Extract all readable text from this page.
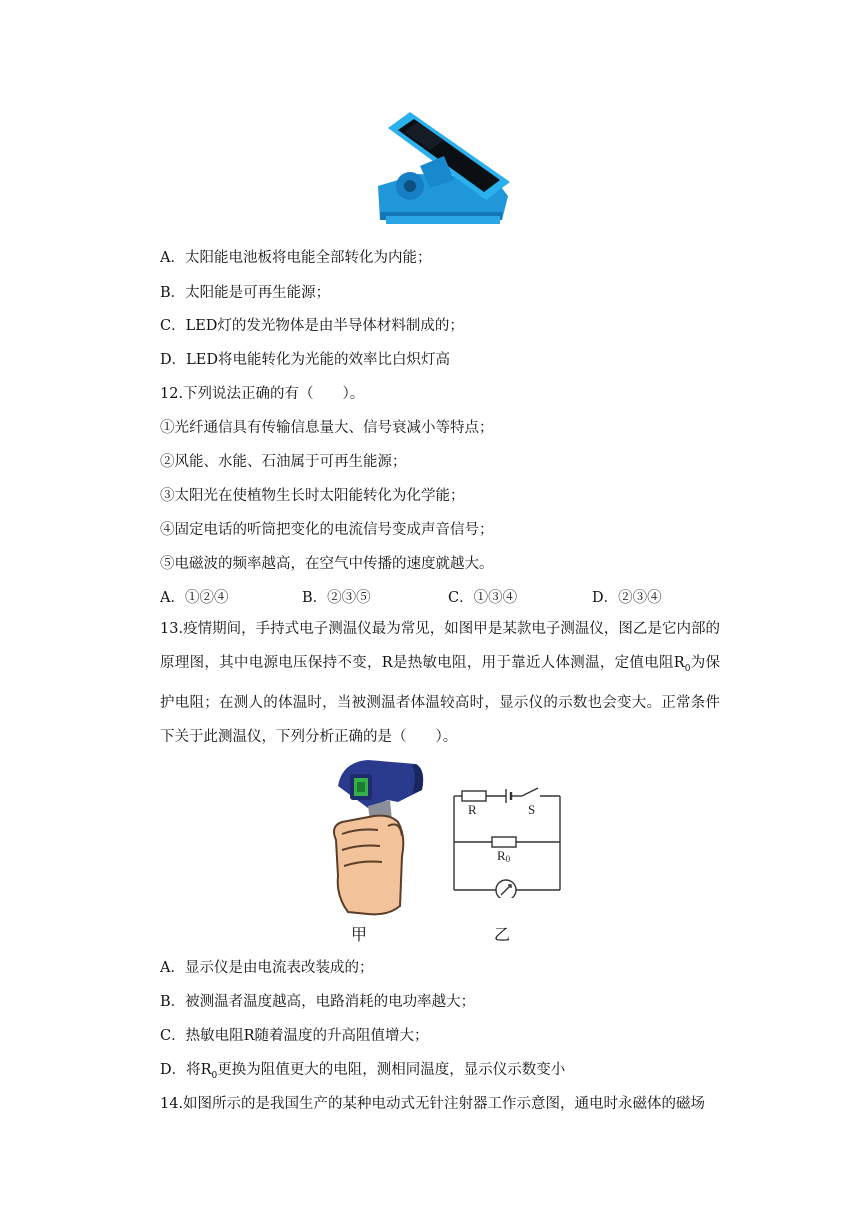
A．太阳能电池板将电能全部转化为内能；
B．太阳能是可再生能源；
C．LED灯的发光物体是由半导体材料制成的；
D．LED将电能转化为光能的效率比白炽灯高
12.下列说法正确的有（　　）。
①光纤通信具有传输信息量大、信号衰减小等特点；
②风能、水能、石油属于可再生能源；
③太阳光在使植物生长时太阳能转化为化学能；
④固定电话的听筒把变化的电流信号变成声音信号；
⑤电磁波的频率越高，在空气中传播的速度就越大。
A．①②④	B．②③⑤	C．①③④	D．②③④
13.疫情期间，手持式电子测温仪最为常见，如图甲是某款电子测温仪，图乙是它内部的原理图，其中电源电压保持不变，R是热敏电阻，用于靠近人体测温，定值电阻$R_0$为保护电阻；在测人的体温时，当被测温者体温较高时，显示仪的示数也会变大。正常条件下关于此测温仪，下列分析正确的是（　　）。
R	S
R0
甲	乙
A．显示仪是由电流表改装成的；
B．被测温者温度越高，电路消耗的电功率越大；
C．热敏电阻R随着温度的升高阻值增大；
D．将$R_0$更换为阻值更大的电阻，测相同温度，显示仪示数变小
14.如图所示的是我国生产的某种电动式无针注射器工作示意图，通电时永磁体的磁场
